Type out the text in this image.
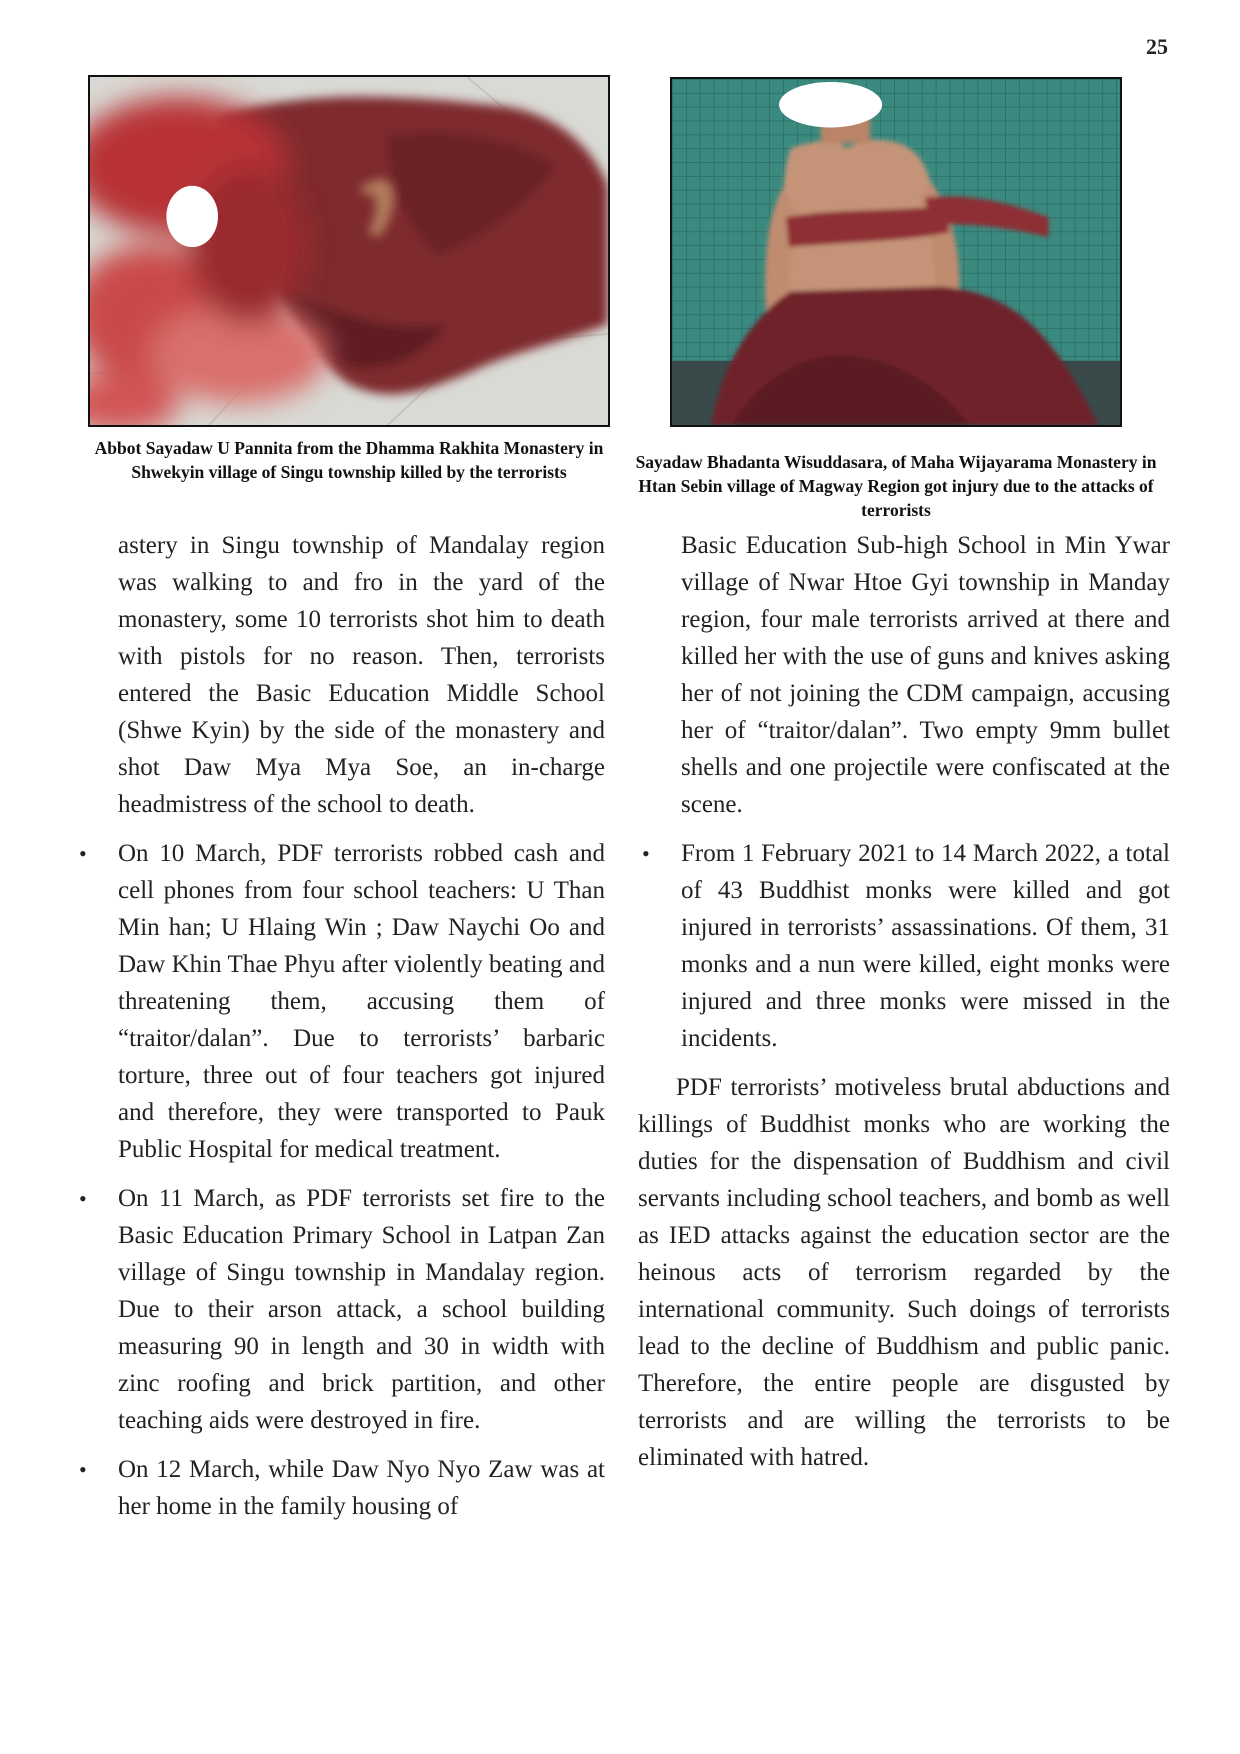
25
Abbot Sayadaw U Pannita from the Dhamma Rakhita Monastery in Shwekyin village of Singu township killed by the terrorists	Sayadaw Bhadanta Wisuddasara, of Maha Wijayarama Monastery in Htan Sebin village of Magway Region got injury due to the attacks of terrorists

astery in Singu township of Mandalay region was walking to and fro in the yard of the monastery, some 10 terrorists shot him to death with pistols for no reason. Then, terrorists entered the Basic Education Middle School (Shwe Kyin) by the side of the monastery and shot Daw Mya Mya Soe, an in-charge headmistress of the school to death.

• On 10 March, PDF terrorists robbed cash and cell phones from four school teachers: U Than Min han; U Hlaing Win ; Daw Naychi Oo and Daw Khin Thae Phyu after violently beating and threatening them, accusing them of “traitor/dalan”. Due to terrorists’ barbaric torture, three out of four teachers got injured and therefore, they were transported to Pauk Public Hospital for medical treatment.
• On 11 March, as PDF terrorists set fire to the Basic Education Primary School in Latpan Zan village of Singu township in Mandalay region. Due to their arson attack, a school building measuring 90 in length and 30 in width with zinc roofing and brick partition, and other teaching aids were destroyed in fire.
• On 12 March, while Daw Nyo Nyo Zaw was at her home in the family housing of

Basic Education Sub-high School in Min Ywar village of Nwar Htoe Gyi township in Manday region, four male terrorists arrived at there and killed her with the use of guns and knives asking her of not joining the CDM campaign, accusing her of “traitor/dalan”. Two empty 9mm bullet shells and one projectile were confiscated at the scene.

• From 1 February 2021 to 14 March 2022, a total of 43 Buddhist monks were killed and got injured in terrorists’ assassinations. Of them, 31 monks and a nun were killed, eight monks were injured and three monks were missed in the incidents.

PDF terrorists’ motiveless brutal abductions and killings of Buddhist monks who are working the duties for the dispensation of Buddhism and civil servants including school teachers, and bomb as well as IED attacks against the education sector are the heinous acts of terrorism regarded by the international community. Such doings of terrorists lead to the decline of Buddhism and public panic. Therefore, the entire people are disgusted by terrorists and are willing the terrorists to be eliminated with hatred.
